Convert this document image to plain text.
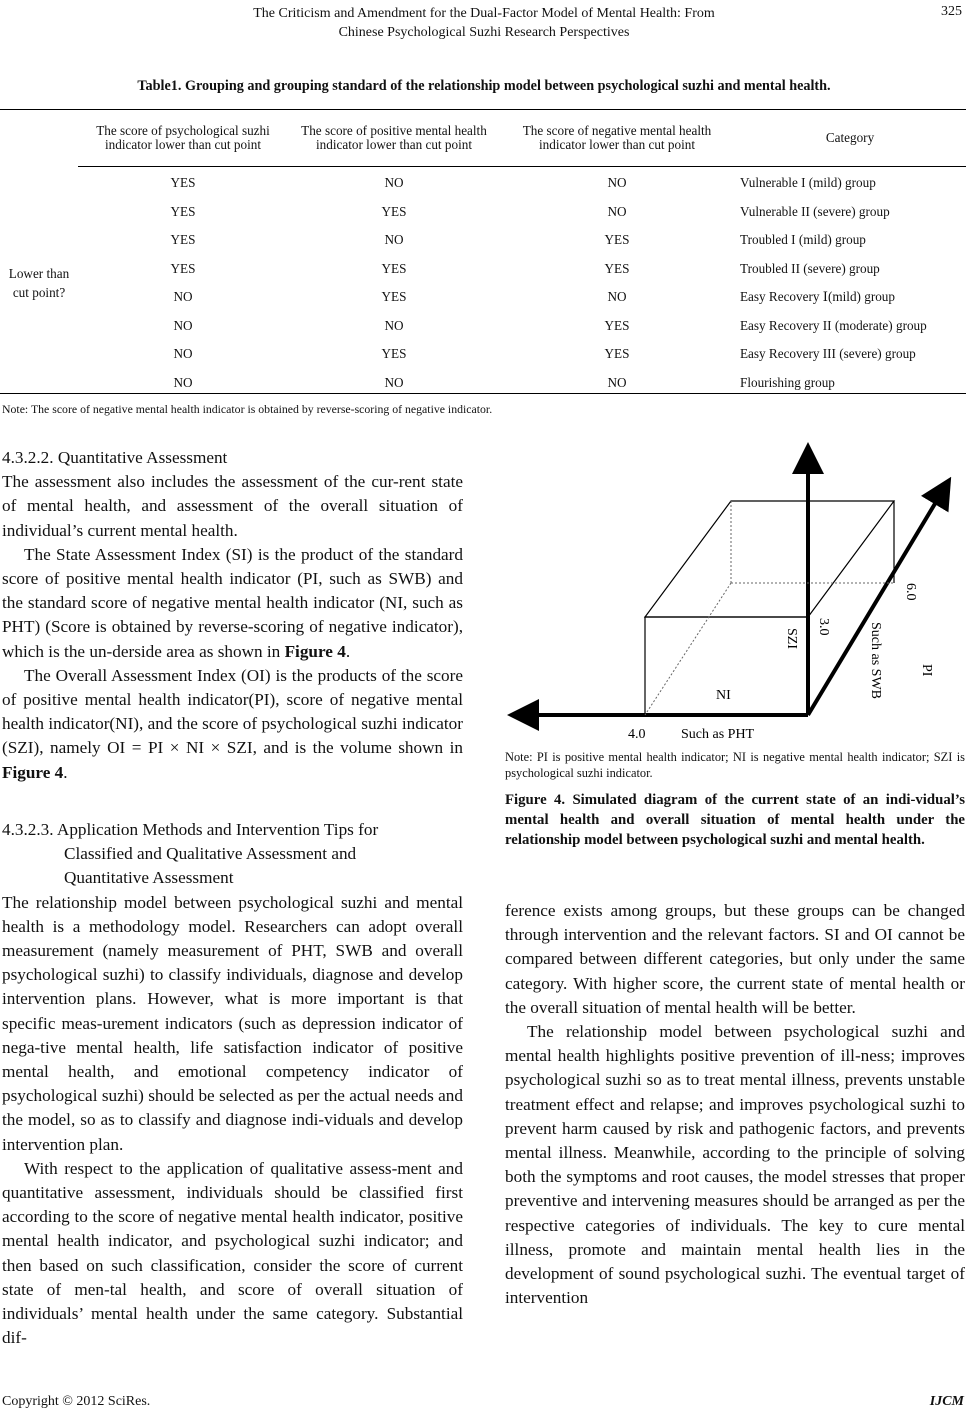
The Criticism and Amendment for the Dual-Factor Model of Mental Health: From
Chinese Psychological Suzhi Research Perspectives
325
Table1. Grouping and grouping standard of the relationship model between psychological suzhi and mental health.
	The score of psychological suzhi indicator lower than cut point	The score of positive mental health indicator lower than cut point	The score of negative mental health indicator lower than cut point	Category
Lower than cut point?	YES	NO	NO	Vulnerable I (mild) group
	YES	YES	NO	Vulnerable II (severe) group
	YES	NO	YES	Troubled I (mild) group
	YES	YES	YES	Troubled II (severe) group
	NO	YES	NO	Easy Recovery Ⅰ(mild) group
	NO	NO	YES	Easy Recovery II (moderate) group
	NO	YES	YES	Easy Recovery III (severe) group
	NO	NO	NO	Flourishing group
Note: The score of negative mental health indicator is obtained by reverse-scoring of negative indicator.
4.3.2.2. Quantitative Assessment

The assessment also includes the assessment of the cur-rent state of mental health, and assessment of the overall situation of individual’s current mental health.

The State Assessment Index (SI) is the product of the standard score of positive mental health indicator (PI, such as SWB) and the standard score of negative mental health indicator (NI, such as PHT) (Score is obtained by reverse-scoring of negative indicator), which is the un-derside area as shown in Figure 4.

The Overall Assessment Index (OI) is the products of the score of positive mental health indicator(PI), score of negative mental health indicator(NI), and the score of psychological suzhi indicator (SZI), namely OI = PI × NI × SZI, and is the volume shown in Figure 4.

4.3.2.3. Application Methods and Intervention Tips for
Classified and Qualitative Assessment and
Quantitative Assessment

The relationship model between psychological suzhi and mental health is a methodology model. Researchers can adopt overall measurement (namely measurement of PHT, SWB and overall psychological suzhi) to classify individuals, diagnose and develop intervention plans. However, what is more important is that specific meas-urement indicators (such as depression indicator of nega-tive mental health, life satisfaction indicator of positive mental health, and emotional competency indicator of psychological suzhi) should be selected as per the actual needs and the model, so as to classify and diagnose indi-viduals and develop intervention plan.

With respect to the application of qualitative assess-ment and quantitative assessment, individuals should be classified first according to the score of negative mental health indicator, positive mental health indicator, and psychological suzhi indicator; and then based on such classification, consider the score of current state of men-tal health, and score of overall situation of individuals’ mental health under the same category. Substantial dif-

6.0
3.0
SZI	Such as SWB	PI
NI
4.0	Such as PHT
Note: PI is positive mental health indicator; NI is negative mental health indicator; SZI is psychological suzhi indicator.
Figure 4. Simulated diagram of the current state of an indi-vidual’s mental health and overall situation of mental health under the relationship model between psychological suzhi and mental health.

ference exists among groups, but these groups can be changed through intervention and the relevant factors. SI and OI cannot be compared between different categories, but only under the same category. With higher score, the current state of mental health or the overall situation of mental health will be better.

The relationship model between psychological suzhi and mental health highlights positive prevention of ill-ness; improves psychological suzhi so as to treat mental illness, prevents unstable treatment effect and relapse; and improves psychological suzhi to prevent harm caused by risk and pathogenic factors, and prevents mental illness. Meanwhile, according to the principle of solving both the symptoms and root causes, the model stresses that proper preventive and intervening measures should be arranged as per the respective categories of individuals. The key to cure mental illness, promote and maintain mental health lies in the development of sound psychological suzhi. The eventual target of intervention

Copyright © 2012 SciRes.	IJCM
